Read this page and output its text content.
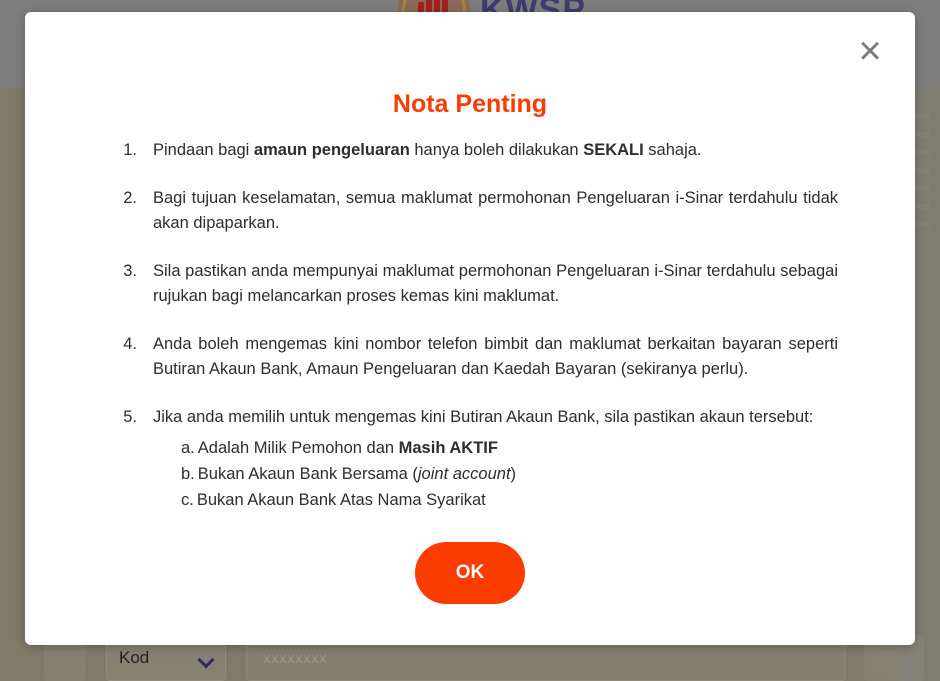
Kod	xxxxxxxx
×
Nota Penting
1. Pindaan bagi amaun pengeluaran hanya boleh dilakukan SEKALI sahaja.
2. Bagi tujuan keselamatan, semua maklumat permohonan Pengeluaran i-Sinar terdahulu tidak akan dipaparkan.
3. Sila pastikan anda mempunyai maklumat permohonan Pengeluaran i-Sinar terdahulu sebagai rujukan bagi melancarkan proses kemas kini maklumat.
4. Anda boleh mengemas kini nombor telefon bimbit dan maklumat berkaitan bayaran seperti Butiran Akaun Bank, Amaun Pengeluaran dan Kaedah Bayaran (sekiranya perlu).
5. Jika anda memilih untuk mengemas kini Butiran Akaun Bank, sila pastikan akaun tersebut:
a. Adalah Milik Pemohon dan Masih AKTIF
b. Bukan Akaun Bank Bersama (joint account)
c. Bukan Akaun Bank Atas Nama Syarikat
OK
